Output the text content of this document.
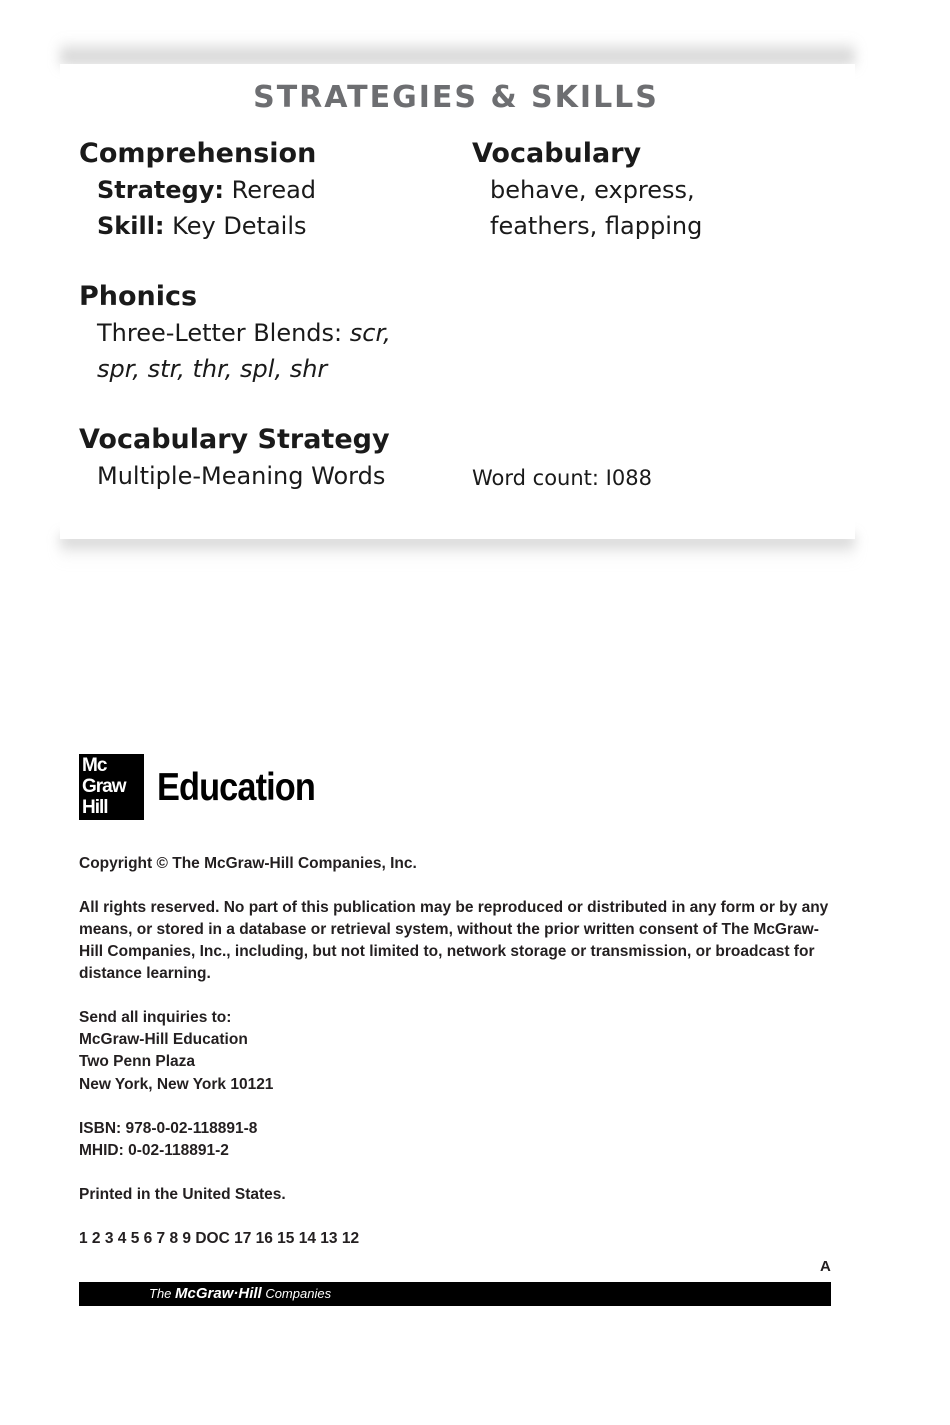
STRATEGIES & SKILLS
Comprehension
Strategy: Reread
Skill: Key Details
Vocabulary
behave, express,
feathers, flapping
Phonics
Three-Letter Blends: scr,
spr, str, thr, spl, shr
Vocabulary Strategy
Multiple-Meaning Words	Word count: I088
Mc
Graw
Hill	Education
Copyright © The McGraw-Hill Companies, Inc.
All rights reserved. No part of this publication may be reproduced or distributed in any form or by any means, or stored in a database or retrieval system, without the prior written consent of The McGraw-Hill Companies, Inc., including, but not limited to, network storage or transmission, or broadcast for distance learning.
Send all inquiries to:
McGraw-Hill Education
Two Penn Plaza
New York, New York 10121
ISBN: 978-0-02-118891-8
MHID: 0-02-118891-2
Printed in the United States.
1 2 3 4 5 6 7 8 9 DOC 17 16 15 14 13 12
A
The McGraw·Hill Companies
